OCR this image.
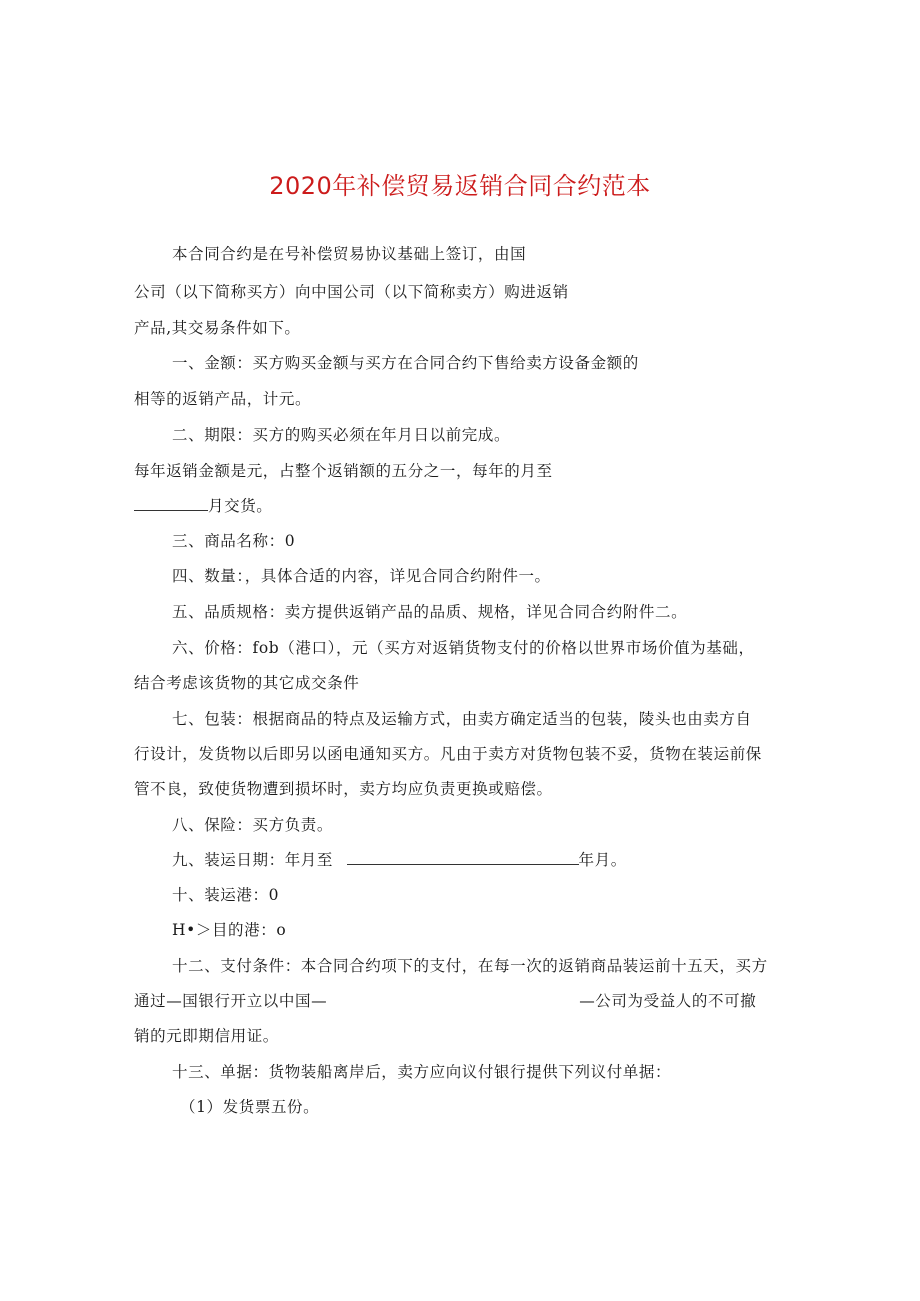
2020年补偿贸易返销合同合约范本
本合同合约是在号补偿贸易协议基础上签订，由国
公司（以下简称买方）向中国公司（以下简称卖方）购进返销
产品,其交易条件如下。
一、金额：买方购买金额与买方在合同合约下售给卖方设备金额的
相等的返销产品，计元。
二、期限：买方的购买必须在年月日以前完成。
每年返销金额是元，占整个返销额的五分之一，每年的月至
月交货。
三、商品名称：0
四、数量：，具体合适的内容，详见合同合约附件一。
五、品质规格：卖方提供返销产品的品质、规格，详见合同合约附件二。
六、价格：fob（港口），元（买方对返销货物支付的价格以世界市场价值为基础，
结合考虑该货物的其它成交条件
七、包装：根据商品的特点及运输方式，由卖方确定适当的包装，陵头也由卖方自
行设计，发货物以后即另以函电通知买方。凡由于卖方对货物包装不妥，货物在装运前保
管不良，致使货物遭到损坏时，卖方均应负责更换或赔偿。
八、保险：买方负责。
九、装运日期：年月至	年月。
十、装运港：0
H•＞目的港：o
十二、支付条件：本合同合约项下的支付，在每一次的返销商品装运前十五天，买方
通过—国银行开立以中国—	—公司为受益人的不可撤
销的元即期信用证。
十三、单据：货物装船离岸后，卖方应向议付银行提供下列议付单据：
（1）发货票五份。
